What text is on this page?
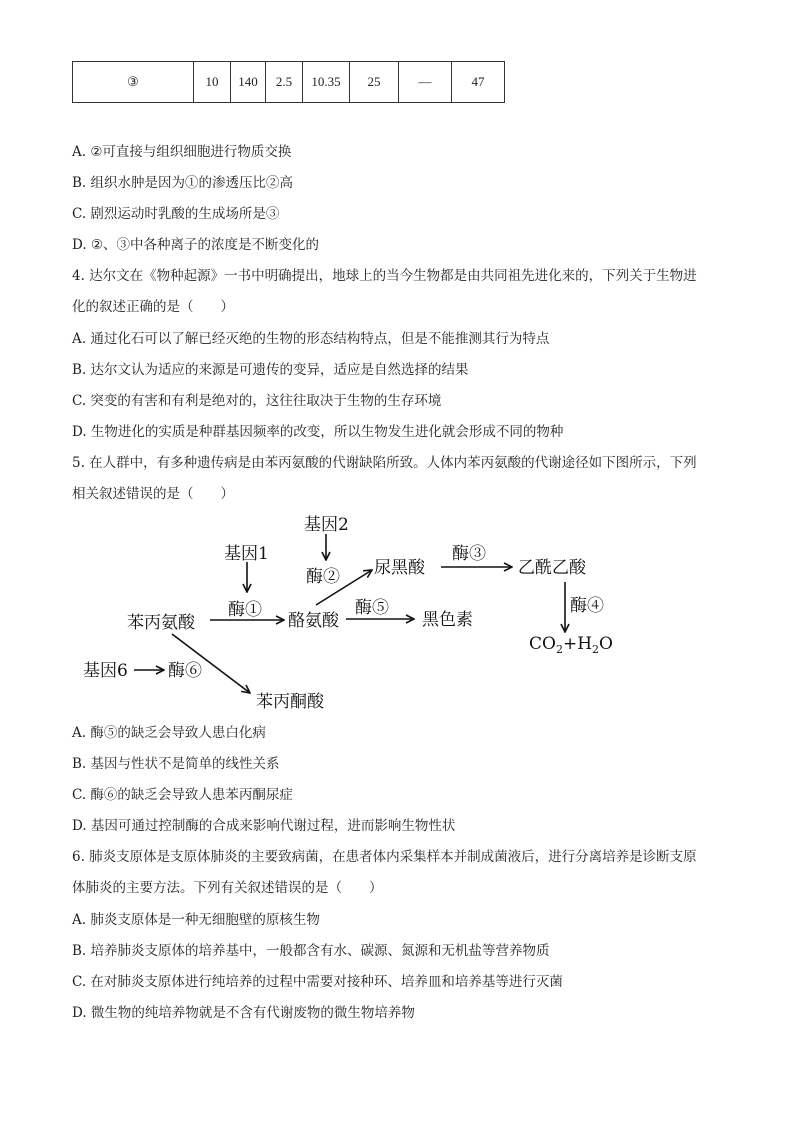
③	10	140	2.5	10.35	25	—	47
A. ②可直接与组织细胞进行物质交换
B. 组织水肿是因为①的渗透压比②高
C. 剧烈运动时乳酸的生成场所是③
D. ②、③中各种离子的浓度是不断变化的
4. 达尔文在《物种起源》一书中明确提出，地球上的当今生物都是由共同祖先进化来的，下列关于生物进
化的叙述正确的是（　　）
A. 通过化石可以了解已经灭绝的生物的形态结构特点，但是不能推测其行为特点
B. 达尔文认为适应的来源是可遗传的变异，适应是自然选择的结果
C. 突变的有害和有利是绝对的，这往往取决于生物的生存环境
D. 生物进化的实质是种群基因频率的改变，所以生物发生进化就会形成不同的物种
5. 在人群中，有多种遗传病是由苯丙氨酸的代谢缺陷所致。人体内苯丙氨酸的代谢途径如下图所示，下列
相关叙述错误的是（　　）
基因2
基因1
酶② 尿黑酸
酶③
乙酰乙酸
酶①	酶⑤	酶④
苯丙氨酸	酪氨酸	黑色素
$CO_2+H_2O$
基因6 酶⑥
苯丙酮酸
A. 酶⑤的缺乏会导致人患白化病
B. 基因与性状不是简单的线性关系
C. 酶⑥的缺乏会导致人患苯丙酮尿症
D. 基因可通过控制酶的合成来影响代谢过程，进而影响生物性状
6. 肺炎支原体是支原体肺炎的主要致病菌，在患者体内采集样本并制成菌液后，进行分离培养是诊断支原
体肺炎的主要方法。下列有关叙述错误的是（　　）
A. 肺炎支原体是一种无细胞壁的原核生物
B. 培养肺炎支原体的培养基中，一般都含有水、碳源、氮源和无机盐等营养物质
C. 在对肺炎支原体进行纯培养的过程中需要对接种环、培养皿和培养基等进行灭菌
D. 微生物的纯培养物就是不含有代谢废物的微生物培养物
